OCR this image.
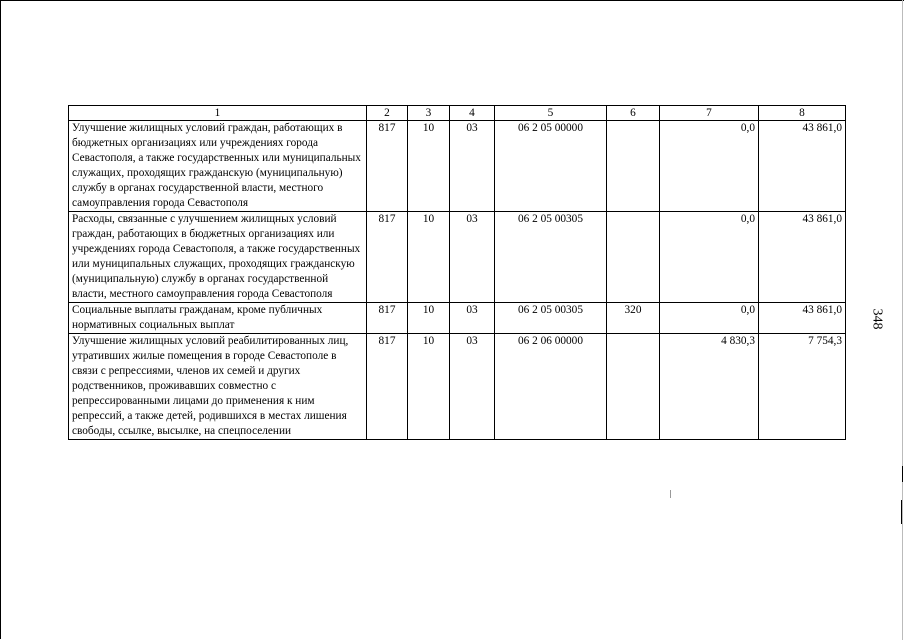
1	2	3	4	5	6	7	8
Улучшение жилищных условий граждан, работающих в бюджетных организациях или учреждениях города Севастополя, а также государственных или муниципальных служащих, проходящих гражданскую (муниципальную) службу в органах государственной власти, местного самоуправления города Севастополя	817	10	03	06 2 05 00000		0,0	43 861,0
Расходы, связанные с улучшением жилищных условий граждан, работающих в бюджетных организациях или учреждениях города Севастополя, а также государственных или муниципальных служащих, проходящих гражданскую (муниципальную) службу в органах государственной власти, местного самоуправления города Севастополя	817	10	03	06 2 05 00305		0,0	43 861,0
Социальные выплаты гражданам, кроме публичных нормативных социальных выплат	817	10	03	06 2 05 00305	320	0,0	43 861,0
Улучшение жилищных условий реабилитированных лиц, утративших жилые помещения в городе Севастополе в связи с репрессиями, членов их семей и других родственников, проживавших совместно с репрессированными лицами до применения к ним репрессий, а также детей, родившихся в местах лишения свободы, ссылке, высылке, на спецпоселении	817	10	03	06 2 06 00000		4 830,3	7 754,3
348
